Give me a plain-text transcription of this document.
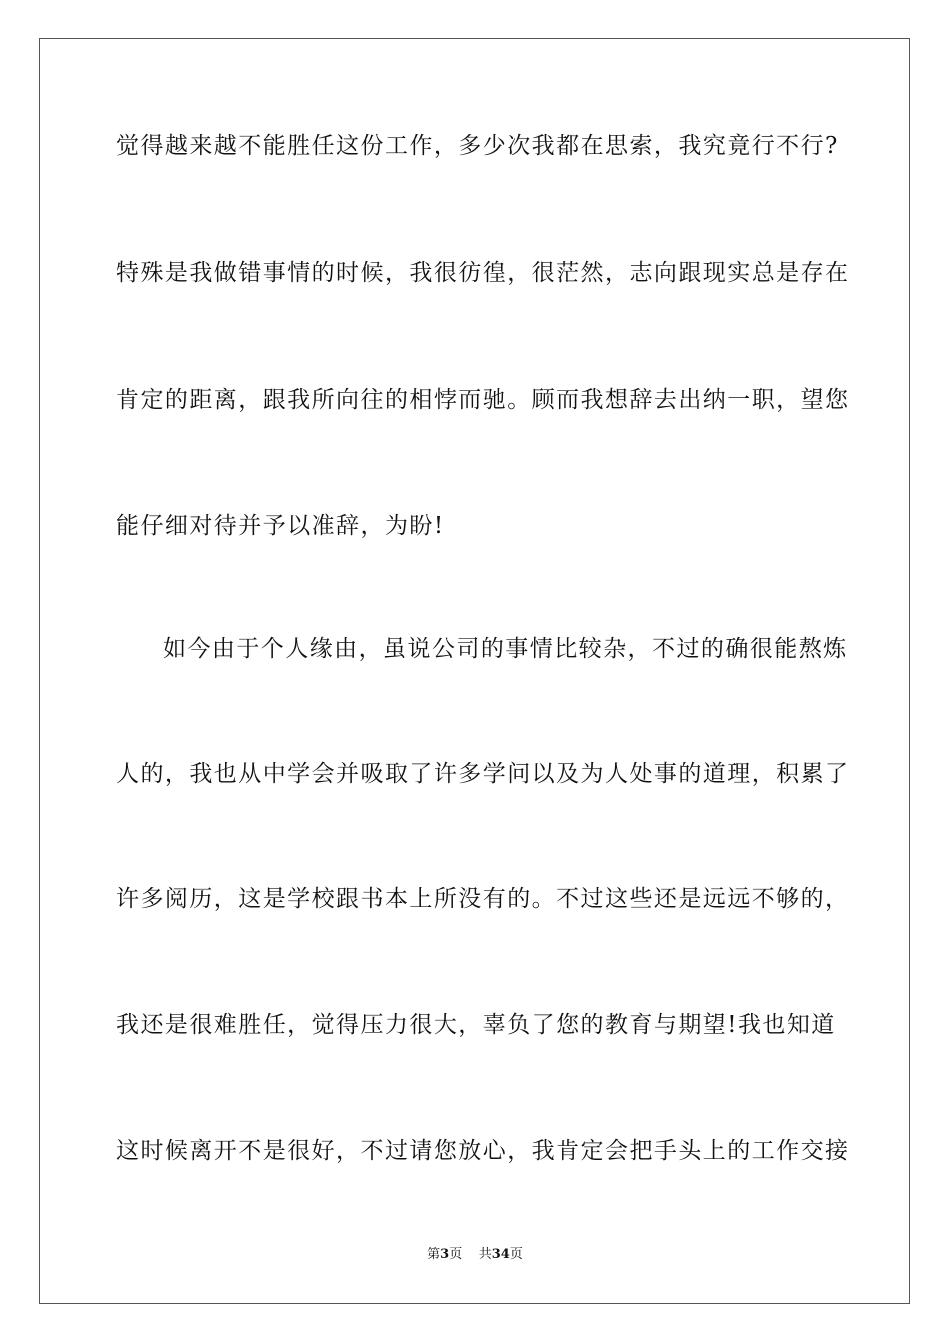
觉得越来越不能胜任这份工作，多少次我都在思索，我究竟行不行?
特殊是我做错事情的时候，我很彷徨，很茫然，志向跟现实总是存在
肯定的距离，跟我所向往的相悖而驰。顾而我想辞去出纳一职，望您
能仔细对待并予以准辞，为盼!
如今由于个人缘由，虽说公司的事情比较杂，不过的确很能熬炼
人的，我也从中学会并吸取了许多学问以及为人处事的道理，积累了
许多阅历，这是学校跟书本上所没有的。不过这些还是远远不够的，
我还是很难胜任，觉得压力很大，辜负了您的教育与期望!我也知道
这时候离开不是很好，不过请您放心，我肯定会把手头上的工作交接
第3页 共34页
